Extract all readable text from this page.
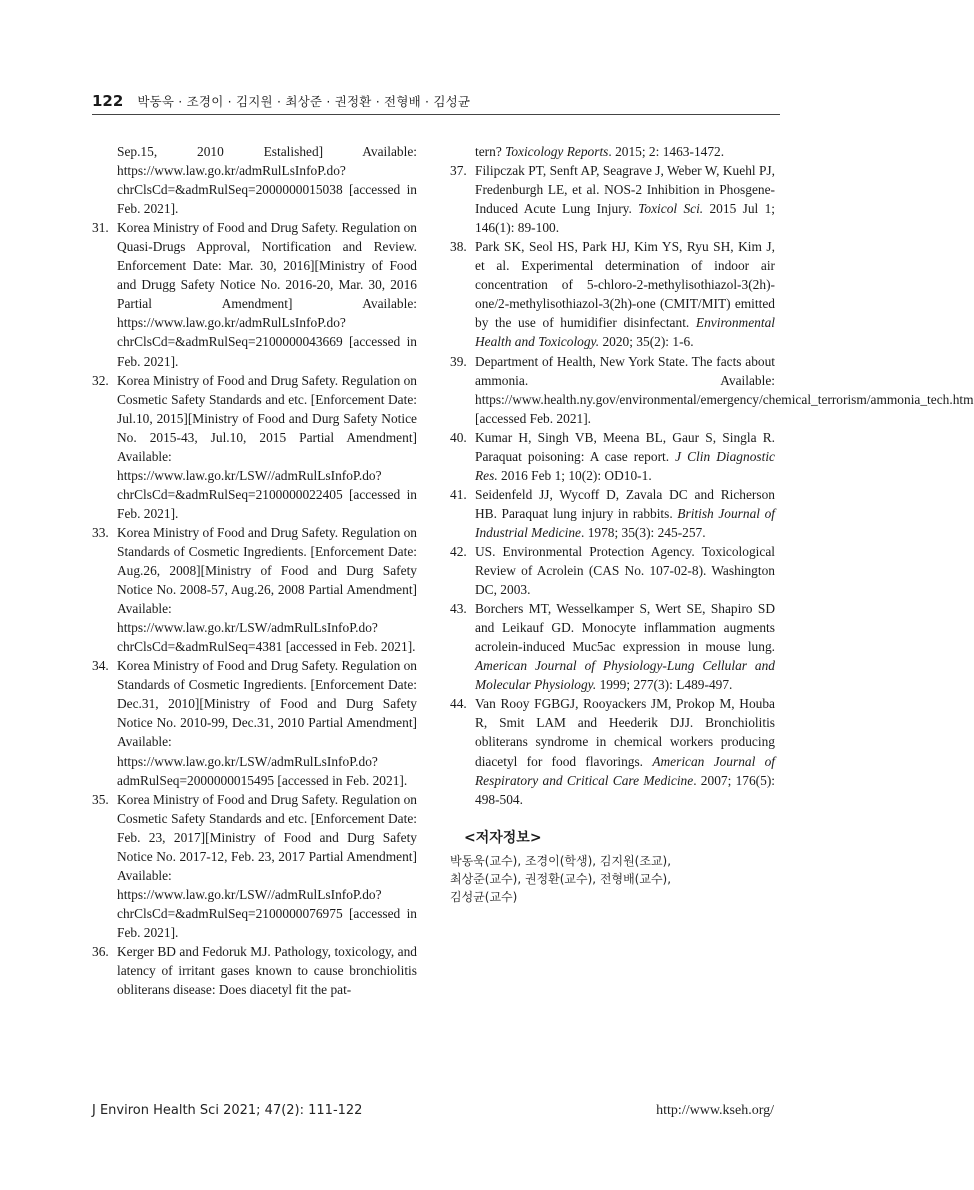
122 박동욱 · 조경이 · 김지원 · 최상준 · 권정환 · 전형배 · 김성균
Sep.15, 2010 Estalished] Available: https://www.law.go.kr/admRulLsInfoP.do?chrClsCd=&admRulSeq=2000000015038 [accessed in Feb. 2021].
31. Korea Ministry of Food and Drug Safety. Regulation on Quasi-Drugs Approval, Nortification and Review. Enforcement Date: Mar. 30, 2016][Ministry of Food and Drugg Safety Notice No. 2016-20, Mar. 30, 2016 Partial Amendment] Available: https://www.law.go.kr/admRulLsInfoP.do?chrClsCd=&admRulSeq=2100000043669 [accessed in Feb. 2021].
32. Korea Ministry of Food and Drug Safety. Regulation on Cosmetic Safety Standards and etc. [Enforcement Date: Jul.10, 2015][Ministry of Food and Durg Safety Notice No. 2015-43, Jul.10, 2015 Partial Amendment] Available: https://www.law.go.kr/LSW//admRulLsInfoP.do?chrClsCd=&admRulSeq=2100000022405 [accessed in Feb. 2021].
33. Korea Ministry of Food and Drug Safety. Regulation on Standards of Cosmetic Ingredients. [Enforcement Date: Aug.26, 2008][Ministry of Food and Durg Safety Notice No. 2008-57, Aug.26, 2008 Partial Amendment] Available: https://www.law.go.kr/LSW/admRulLsInfoP.do?chrClsCd=&admRulSeq=4381 [accessed in Feb. 2021].
34. Korea Ministry of Food and Drug Safety. Regulation on Standards of Cosmetic Ingredients. [Enforcement Date: Dec.31, 2010][Ministry of Food and Durg Safety Notice No. 2010-99, Dec.31, 2010 Partial Amendment] Available: https://www.law.go.kr/LSW/admRulLsInfoP.do?admRulSeq=2000000015495 [accessed in Feb. 2021].
35. Korea Ministry of Food and Drug Safety. Regulation on Cosmetic Safety Standards and etc. [Enforcement Date: Feb. 23, 2017][Ministry of Food and Durg Safety Notice No. 2017-12, Feb. 23, 2017 Partial Amendment] Available: https://www.law.go.kr/LSW//admRulLsInfoP.do?chrClsCd=&admRulSeq=2100000076975 [accessed in Feb. 2021].
36. Kerger BD and Fedoruk MJ. Pathology, toxicology, and latency of irritant gases known to cause bronchiolitis obliterans disease: Does diacetyl fit the pat-
tern? Toxicology Reports. 2015; 2: 1463-1472.
37. Filipczak PT, Senft AP, Seagrave J, Weber W, Kuehl PJ, Fredenburgh LE, et al. NOS-2 Inhibition in Phosgene-Induced Acute Lung Injury. Toxicol Sci. 2015 Jul 1; 146(1): 89-100.
38. Park SK, Seol HS, Park HJ, Kim YS, Ryu SH, Kim J, et al. Experimental determination of indoor air concentration of 5-chloro-2-methylisothiazol-3(2h)-one/2-methylisothiazol-3(2h)-one (CMIT/MIT) emitted by the use of humidifier disinfectant. Environmental Health and Toxicology. 2020; 35(2): 1-6.
39. Department of Health, New York State. The facts about ammonia. Available: https://www.health.ny.gov/environmental/emergency/chemical_terrorism/ammonia_tech.htm [accessed Feb. 2021].
40. Kumar H, Singh VB, Meena BL, Gaur S, Singla R. Paraquat poisoning: A case report. J Clin Diagnostic Res. 2016 Feb 1; 10(2): OD10-1.
41. Seidenfeld JJ, Wycoff D, Zavala DC and Richerson HB. Paraquat lung injury in rabbits. British Journal of Industrial Medicine. 1978; 35(3): 245-257.
42. US. Environmental Protection Agency. Toxicological Review of Acrolein (CAS No. 107-02-8). Washington DC, 2003.
43. Borchers MT, Wesselkamper S, Wert SE, Shapiro SD and Leikauf GD. Monocyte inflammation augments acrolein-induced Muc5ac expression in mouse lung. American Journal of Physiology-Lung Cellular and Molecular Physiology. 1999; 277(3): L489-497.
44. Van Rooy FGBGJ, Rooyackers JM, Prokop M, Houba R, Smit LAM and Heederik DJJ. Bronchiolitis obliterans syndrome in chemical workers producing diacetyl for food flavorings. American Journal of Respiratory and Critical Care Medicine. 2007; 176(5): 498-504.
<저자정보>
박동욱(교수), 조경이(학생), 김지원(조교),
최상준(교수), 권정환(교수), 전형배(교수),
김성균(교수)
J Environ Health Sci 2021; 47(2): 111-122	http://www.kseh.org/
